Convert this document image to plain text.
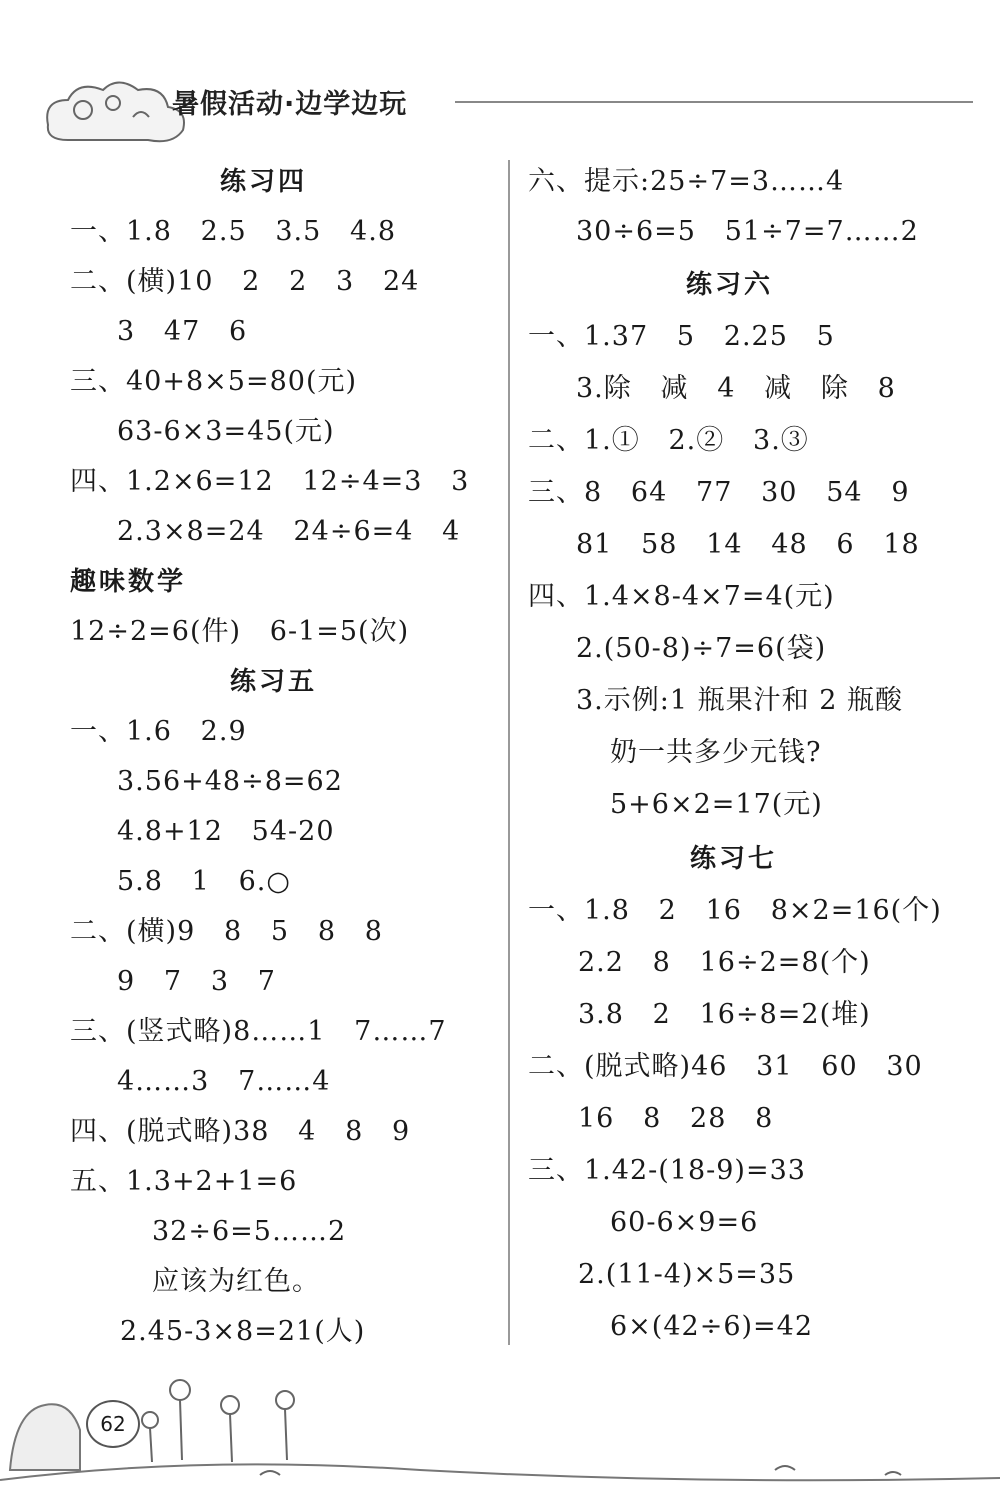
暑假活动·边学边玩
练习四
一、1.8   2.5   3.5   4.8
二、(横)10   2   2   3   24
3   47   6
三、40+8×5=80(元)
63-6×3=45(元)
四、1.2×6=12   12÷4=3   3
2.3×8=24   24÷6=4   4
趣味数学
12÷2=6(件)   6-1=5(次)
练习五
一、1.6   2.9
3.56+48÷8=62
4.8+12   54-20
5.8   1   6.○
二、(横)9   8   5   8   8
9   7   3   7
三、(竖式略)8……1   7……7
4……3   7……4
四、(脱式略)38   4   8   9
五、1.3+2+1=6
32÷6=5……2
应该为红色。
2.45-3×8=21(人)
六、提示:25÷7=3……4
30÷6=5   51÷7=7……2
练习六
一、1.37   5   2.25   5
3.除   减   4   减   除   8
二、1.①   2.②   3.③
三、8   64   77   30   54   9
81   58   14   48   6   18
四、1.4×8-4×7=4(元)
2.(50-8)÷7=6(袋)
3.示例:1 瓶果汁和 2 瓶酸
奶一共多少元钱?
5+6×2=17(元)
练习七
一、1.8   2   16   8×2=16(个)
2.2   8   16÷2=8(个)
3.8   2   16÷8=2(堆)
二、(脱式略)46   31   60   30
16   8   28   8
三、1.42-(18-9)=33
60-6×9=6
2.(11-4)×5=35
6×(42÷6)=42
62
